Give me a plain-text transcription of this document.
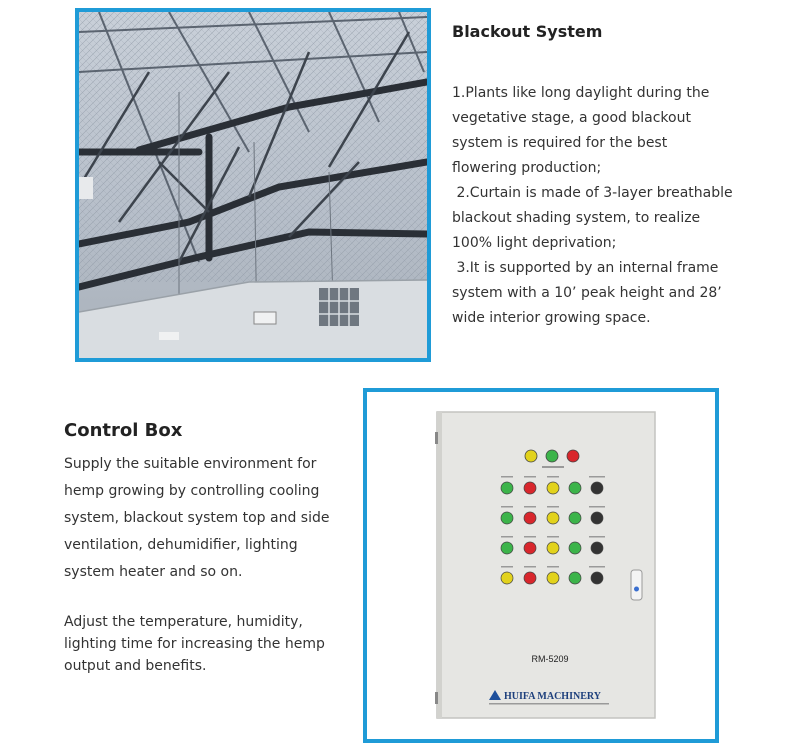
Blackout System

1.Plants like long daylight during the
vegetative stage, a good blackout
system is required for the best
flowering production;
2.Curtain is made of 3-layer breathable
blackout shading system, to realize
100% light deprivation;
3.It is supported by an internal frame
system with a 10’ peak height and 28’
wide interior growing space.

Control Box

Supply the suitable environment for
hemp growing by controlling cooling
system, blackout system top and side
ventilation, dehumidifier, lighting
system heater and so on.

Adjust the temperature, humidity,
lighting time for increasing the hemp
output and benefits.	RM-5209
HUIFA MACHINERY
